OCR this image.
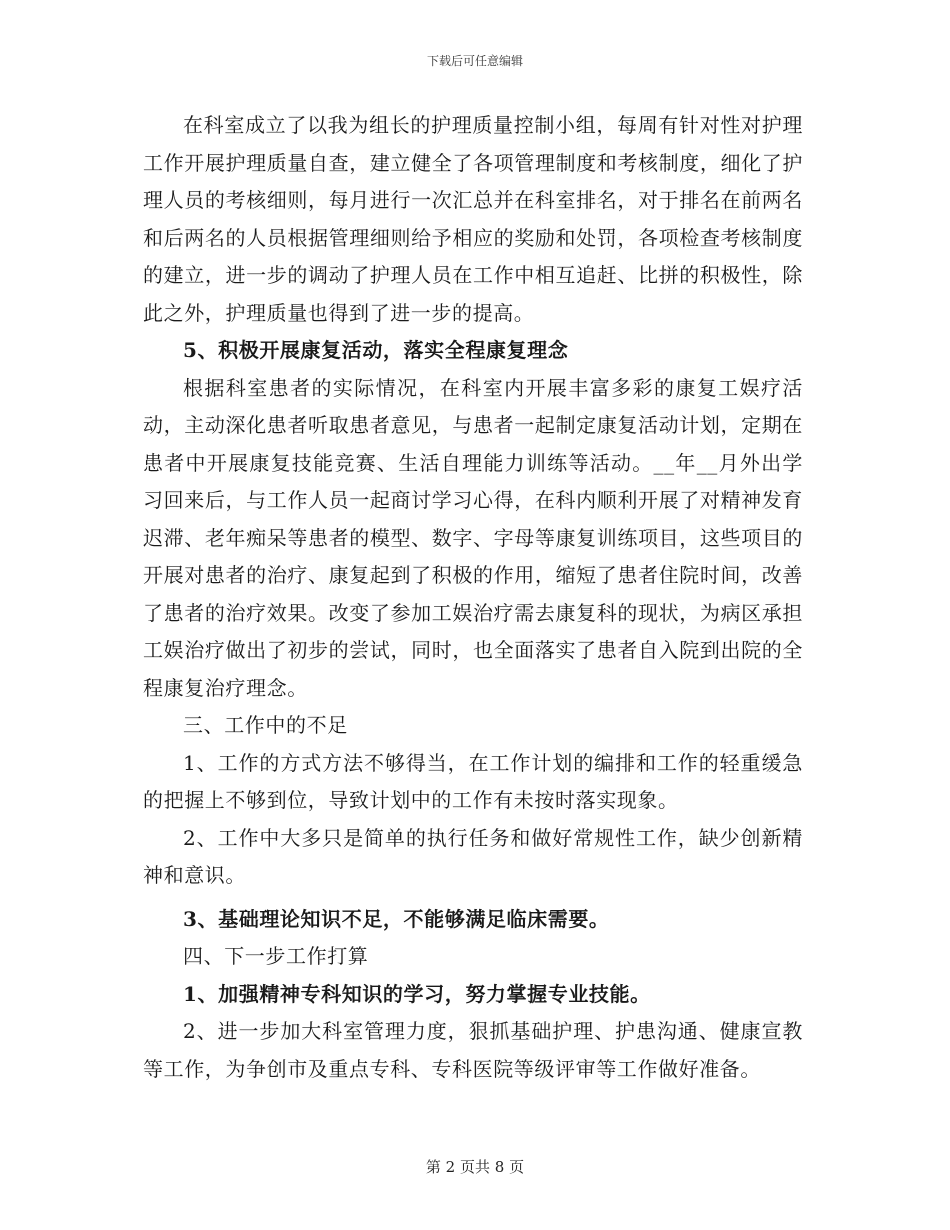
下载后可任意编辑

在科室成立了以我为组长的护理质量控制小组，每周有针对性对护理工作开展护理质量自查，建立健全了各项管理制度和考核制度，细化了护理人员的考核细则，每月进行一次汇总并在科室排名，对于排名在前两名和后两名的人员根据管理细则给予相应的奖励和处罚，各项检查考核制度的建立，进一步的调动了护理人员在工作中相互追赶、比拼的积极性，除此之外，护理质量也得到了进一步的提高。

5、积极开展康复活动，落实全程康复理念

根据科室患者的实际情况，在科室内开展丰富多彩的康复工娱疗活动，主动深化患者听取患者意见，与患者一起制定康复活动计划，定期在患者中开展康复技能竞赛、生活自理能力训练等活动。__年__月外出学习回来后，与工作人员一起商讨学习心得，在科内顺利开展了对精神发育迟滞、老年痴呆等患者的模型、数字、字母等康复训练项目，这些项目的开展对患者的治疗、康复起到了积极的作用，缩短了患者住院时间，改善了患者的治疗效果。改变了参加工娱治疗需去康复科的现状，为病区承担工娱治疗做出了初步的尝试，同时，也全面落实了患者自入院到出院的全程康复治疗理念。

三、工作中的不足

1、工作的方式方法不够得当，在工作计划的编排和工作的轻重缓急的把握上不够到位，导致计划中的工作有未按时落实现象。

2、工作中大多只是简单的执行任务和做好常规性工作，缺少创新精神和意识。

3、基础理论知识不足，不能够满足临床需要。

四、下一步工作打算

1、加强精神专科知识的学习，努力掌握专业技能。

2、进一步加大科室管理力度，狠抓基础护理、护患沟通、健康宣教等工作，为争创市及重点专科、专科医院等级评审等工作做好准备。

第 2 页共 8 页
